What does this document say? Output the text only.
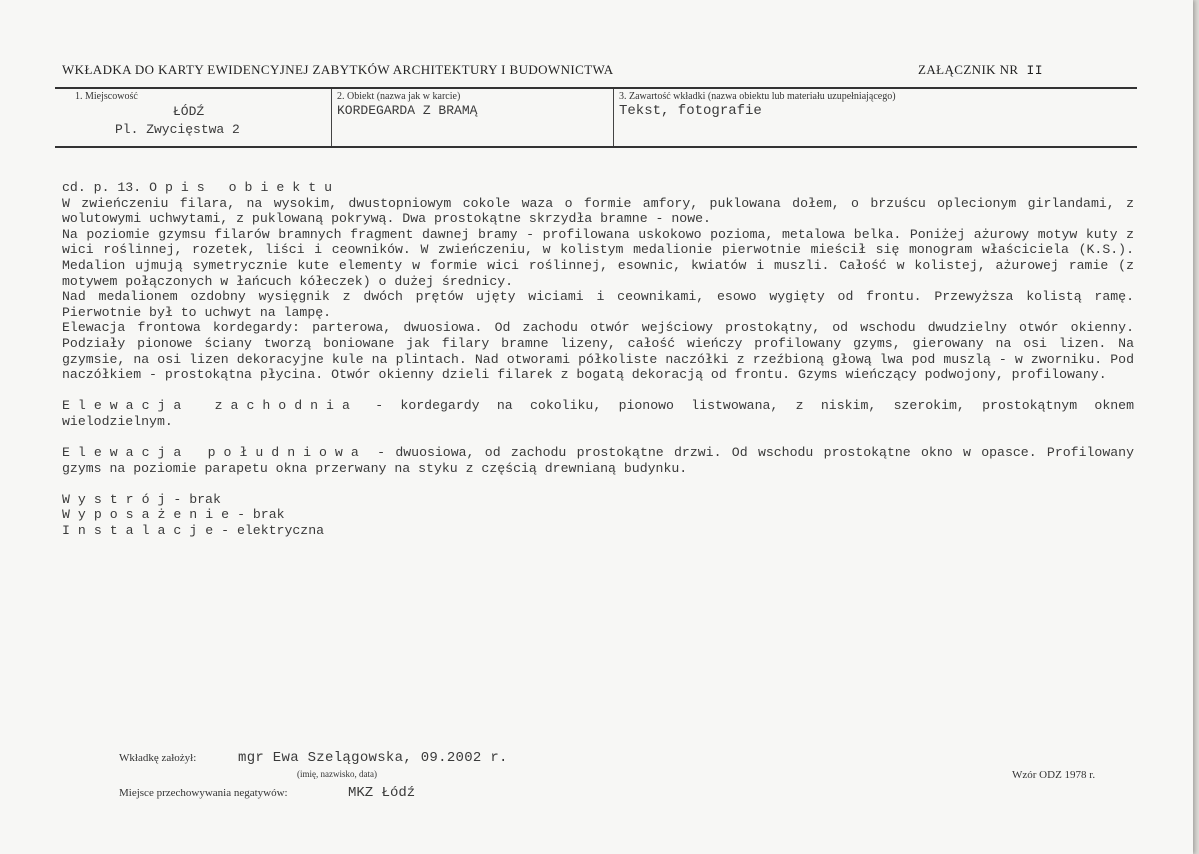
WKŁADKA DO KARTY EWIDENCYJNEJ ZABYTKÓW ARCHITEKTURY I BUDOWNICTWA	ZAŁĄCZNIK NR II
1. Miejscowość
ŁÓDŹ
Pl. Zwycięstwa 2
2. Obiekt (nazwa jak w karcie)
KORDEGARDA Z BRAMĄ
3. Zawartość wkładki (nazwa obiektu lub materiału uzupełniającego)
Tekst, fotografie
cd. p. 13. Opis obiektu
W zwieńczeniu filara, na wysokim, dwustopniowym cokole waza o formie amfory, puklowana dołem, o brzuścu oplecionym girlandami, z wolutowymi uchwytami, z puklowaną pokrywą. Dwa prostokątne skrzydła bramne - nowe.
Na poziomie gzymsu filarów bramnych fragment dawnej bramy - profilowana uskokowo pozioma, metalowa belka. Poniżej ażurowy motyw kuty z wici roślinnej, rozetek, liści i ceowników. W zwieńczeniu, w kolistym medalionie pierwotnie mieścił się monogram właściciela (K.S.). Medalion ujmują symetrycznie kute elementy w formie wici roślinnej, esownic, kwiatów i muszli. Całość w kolistej, ażurowej ramie (z motywem połączonych w łańcuch kółeczek) o dużej średnicy.
Nad medalionem ozdobny wysięgnik z dwóch prętów ujęty wiciami i ceownikami, esowo wygięty od frontu. Przewyższa kolistą ramę. Pierwotnie był to uchwyt na lampę.
Elewacja frontowa kordegardy: parterowa, dwuosiowa. Od zachodu otwór wejściowy prostokątny, od wschodu dwudzielny otwór okienny. Podziały pionowe ściany tworzą boniowane jak filary bramne lizeny, całość wieńczy profilowany gzyms, gierowany na osi lizen. Na gzymsie, na osi lizen dekoracyjne kule na plintach. Nad otworami półkoliste naczółki z rzeźbioną głową lwa pod muszlą - w zworniku. Pod naczółkiem - prostokątna płycina. Otwór okienny dzieli filarek z bogatą dekoracją od frontu. Gzyms wieńczący podwojony, profilowany.
Elewacja zachodnia - kordegardy na cokoliku, pionowo listwowana, z niskim, szerokim, prostokątnym oknem wielodzielnym.
Elewacja południowa - dwuosiowa, od zachodu prostokątne drzwi. Od wschodu prostokątne okno w opasce. Profilowany gzyms na poziomie parapetu okna przerwany na styku z częścią drewnianą budynku.
Wystrój- brak
Wyposażenie- brak
Instalacje- elektryczna
Wkładkę założył:	mgr Ewa Szelągowska, 09.2002 r.
(imię, nazwisko, data)
Miejsce przechowywania negatywów:	MKZ Łódź
Wzór ODZ 1978 r.
